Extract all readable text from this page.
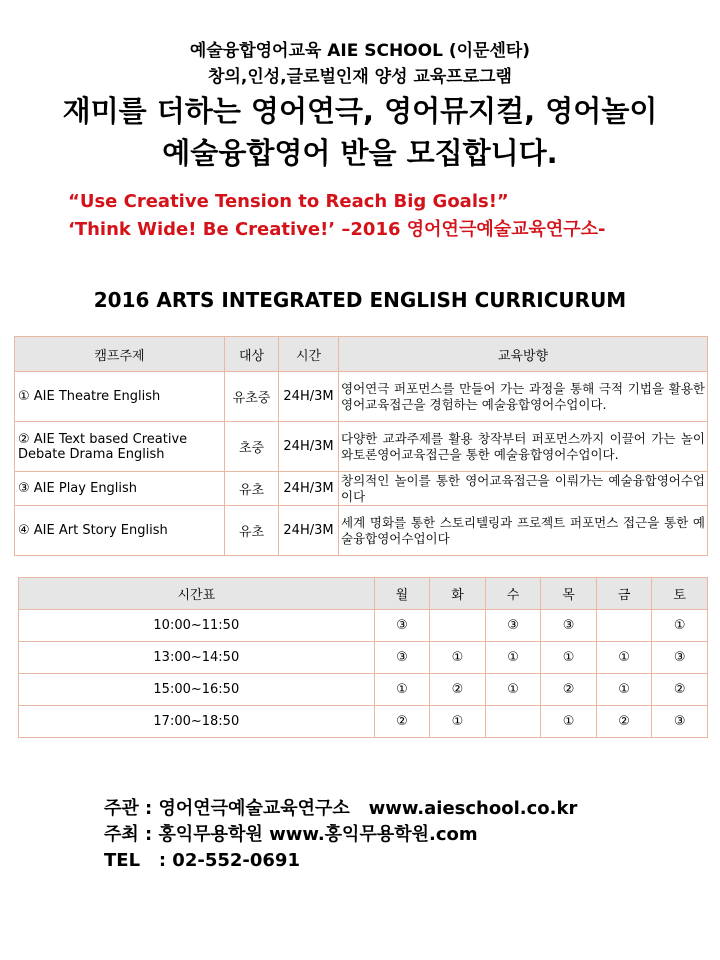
예술융합영어교육 AIE SCHOOL (이문센타)
창의,인성,글로벌인재 양성 교육프로그램
재미를 더하는 영어연극, 영어뮤지컬, 영어놀이
예술융합영어 반을 모집합니다.
“Use Creative Tension to Reach Big Goals!”
‘Think Wide! Be Creative!’ –2016 영어연극예술교육연구소-
2016 ARTS INTEGRATED ENGLISH CURRICURUM
캠프주제	대상	시간	교육방향
① AIE Theatre English	유초중	24H/3M	영어연극 퍼포먼스를 만들어 가는 과정을 통해 극적 기법을 활용한 영어교육접근을 경험하는 예술융합영어수업이다.
② AIE Text based Creative Debate Drama English	초중	24H/3M	다양한 교과주제를 활용 창작부터 퍼포먼스까지 이끌어 가는 놀이와토론영어교육접근을 통한 예술융합영어수업이다.
③ AIE Play English	유초	24H/3M	창의적인 놀이를 통한 영어교육접근을 이뤄가는 예술융합영어수업이다
④ AIE Art Story English	유초	24H/3M	세계 명화를 통한 스토리텔링과 프로젝트 퍼포먼스 접근을 통한 예술융합영어수업이다
시간표	월	화	수	목	금	토
10:00~11:50	③		③	③		①
13:00~14:50	③	①	①	①	①	③
15:00~16:50	①	②	①	②	①	②
17:00~18:50	②	①		①	②	③
주관 : 영어연극예술교육연구소   www.aieschool.co.kr
주최 : 홍익무용학원 www.홍익무용학원.com
TEL   : 02-552-0691
